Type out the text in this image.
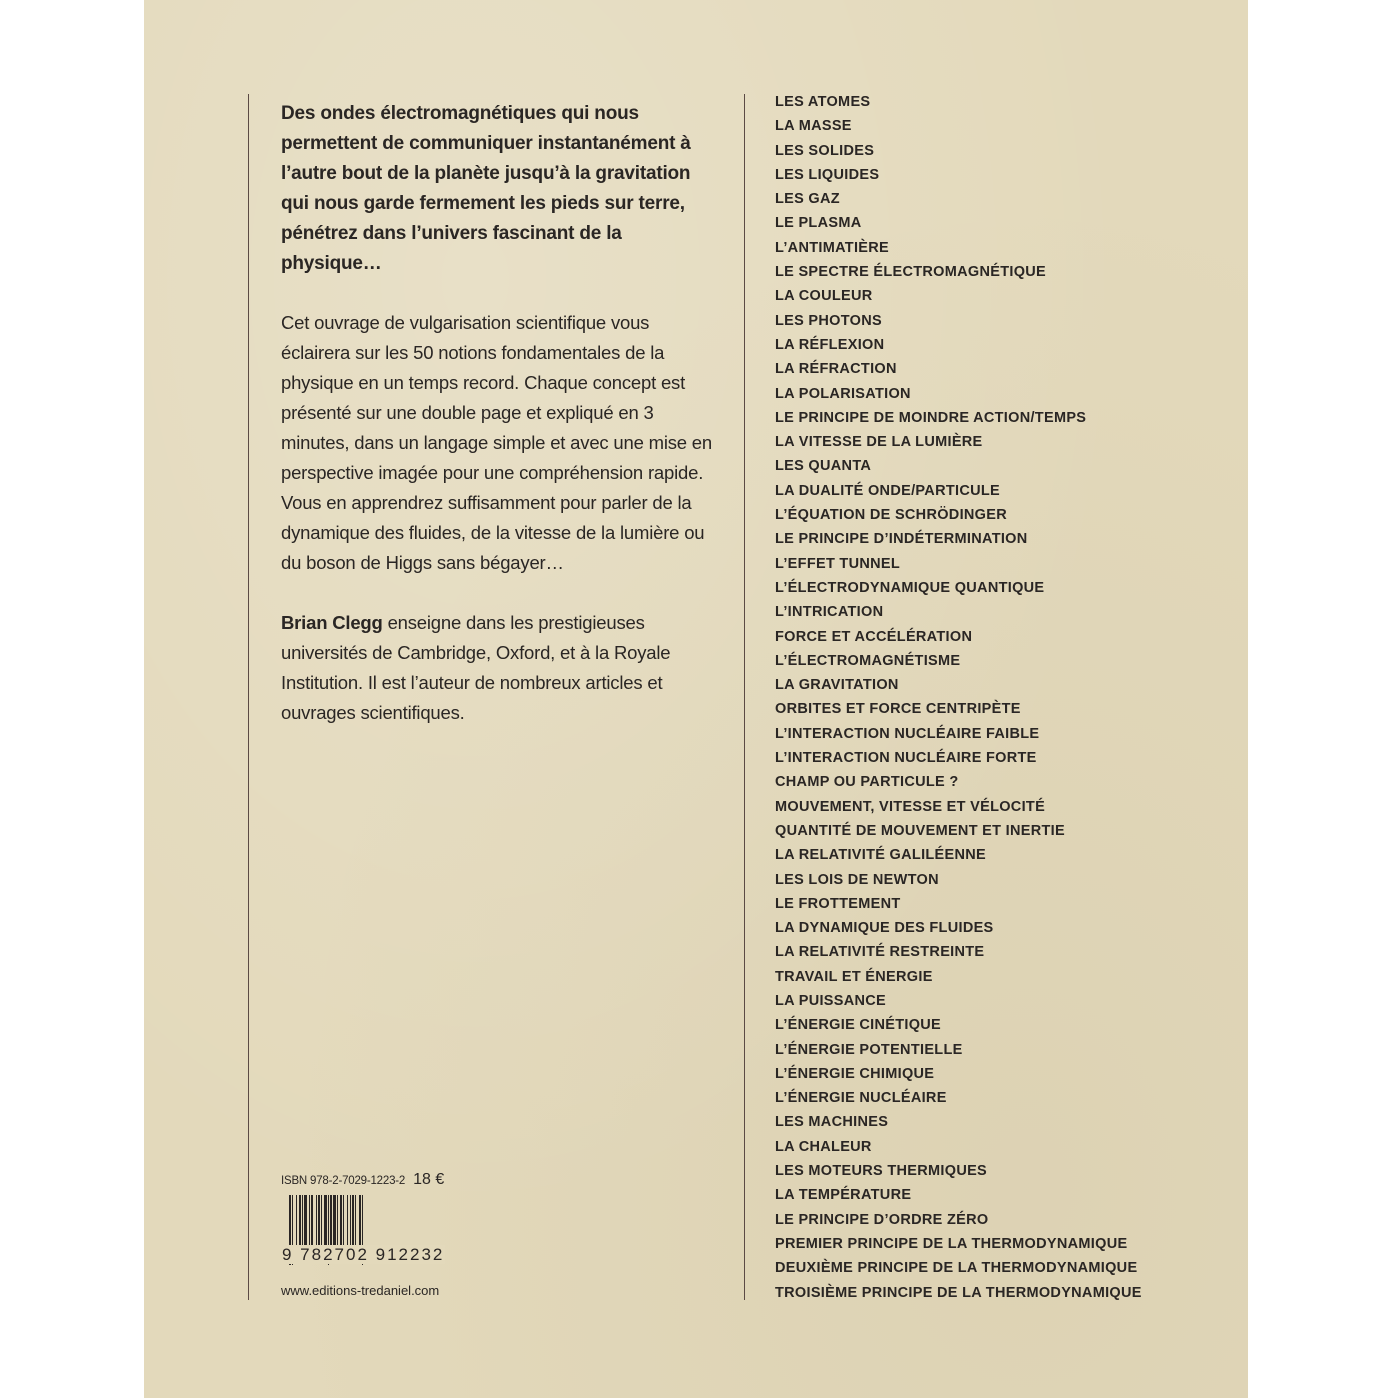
Des ondes électromagnétiques qui nous permettent de communiquer instantanément à l’autre bout de la planète jusqu’à la gravitation qui nous garde fermement les pieds sur terre, pénétrez dans l’univers fascinant de la physique…

Cet ouvrage de vulgarisation scientifique vous éclairera sur les 50 notions fondamentales de la physique en un temps record. Chaque concept est présenté sur une double page et expliqué en 3 minutes, dans un langage simple et avec une mise en perspective imagée pour une compréhension rapide. Vous en apprendrez suffisamment pour parler de la dynamique des fluides, de la vitesse de la lumière ou du boson de Higgs sans bégayer…

Brian Clegg enseigne dans les prestigieuses universités de Cambridge, Oxford, et à la Royale Institution. Il est l’auteur de nombreux articles et ouvrages scientifiques.

ISBN 978-2-7029-1223-2 18 €
9 782702 912232
www.editions-tredaniel.com
LES ATOMES
LA MASSE
LES SOLIDES
LES LIQUIDES
LES GAZ
LE PLASMA
L’ANTIMATIÈRE
LE SPECTRE ÉLECTROMAGNÉTIQUE
LA COULEUR
LES PHOTONS
LA RÉFLEXION
LA RÉFRACTION
LA POLARISATION
LE PRINCIPE DE MOINDRE ACTION/TEMPS
LA VITESSE DE LA LUMIÈRE
LES QUANTA
LA DUALITÉ ONDE/PARTICULE
L’ÉQUATION DE SCHRÖDINGER
LE PRINCIPE D’INDÉTERMINATION
L’EFFET TUNNEL
L’ÉLECTRODYNAMIQUE QUANTIQUE
L’INTRICATION
FORCE ET ACCÉLÉRATION
L’ÉLECTROMAGNÉTISME
LA GRAVITATION
ORBITES ET FORCE CENTRIPÈTE
L’INTERACTION NUCLÉAIRE FAIBLE
L’INTERACTION NUCLÉAIRE FORTE
CHAMP OU PARTICULE ?
MOUVEMENT, VITESSE ET VÉLOCITÉ
QUANTITÉ DE MOUVEMENT ET INERTIE
LA RELATIVITÉ GALILÉENNE
LES LOIS DE NEWTON
LE FROTTEMENT
LA DYNAMIQUE DES FLUIDES
LA RELATIVITÉ RESTREINTE
TRAVAIL ET ÉNERGIE
LA PUISSANCE
L’ÉNERGIE CINÉTIQUE
L’ÉNERGIE POTENTIELLE
L’ÉNERGIE CHIMIQUE
L’ÉNERGIE NUCLÉAIRE
LES MACHINES
LA CHALEUR
LES MOTEURS THERMIQUES
LA TEMPÉRATURE
LE PRINCIPE D’ORDRE ZÉRO
PREMIER PRINCIPE DE LA THERMODYNAMIQUE
DEUXIÈME PRINCIPE DE LA THERMODYNAMIQUE
TROISIÈME PRINCIPE DE LA THERMODYNAMIQUE
